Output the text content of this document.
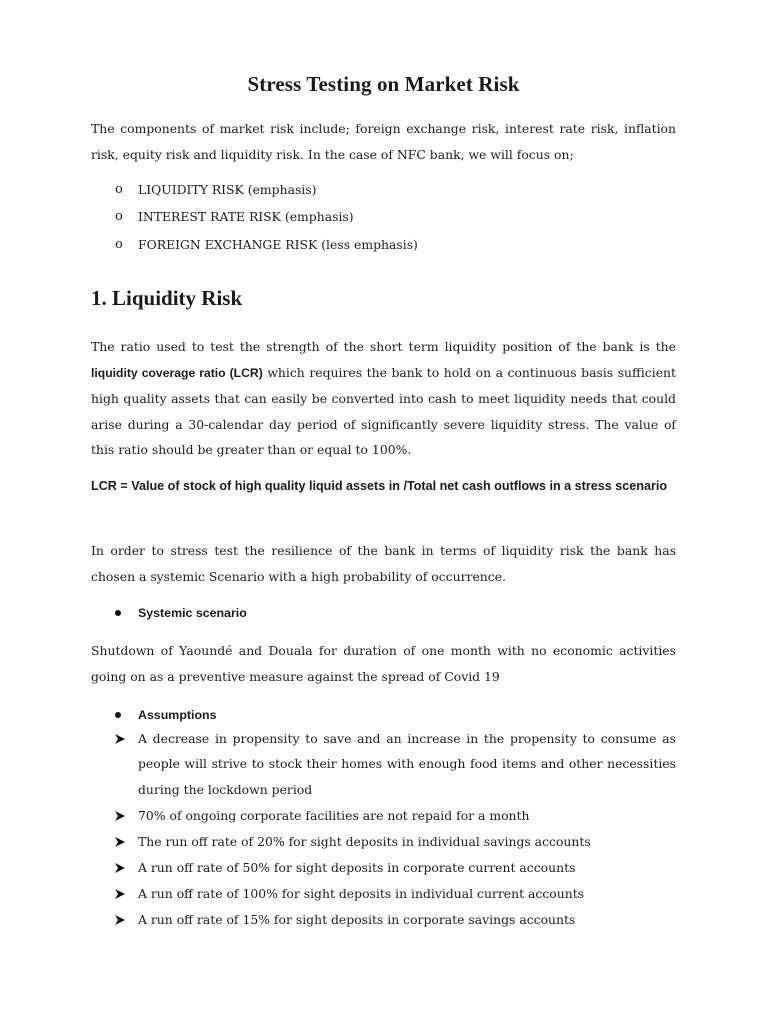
Stress Testing on Market Risk

The components of market risk include; foreign exchange risk, interest rate risk, inflation risk, equity risk and liquidity risk. In the case of NFC bank, we will focus on;

o LIQUIDITY RISK (emphasis)
o INTEREST RATE RISK (emphasis)
o FOREIGN EXCHANGE RISK (less emphasis)
1. Liquidity Risk

The ratio used to test the strength of the short term liquidity position of the bank is the liquidity coverage ratio (LCR) which requires the bank to hold on a continuous basis sufficient high quality assets that can easily be converted into cash to meet liquidity needs that could arise during a 30-calendar day period of significantly severe liquidity stress. The value of this ratio should be greater than or equal to 100%.

LCR = Value of stock of high quality liquid assets in /Total net cash outflows in a stress scenario

In order to stress test the resilience of the bank in terms of liquidity risk the bank has chosen a systemic Scenario with a high probability of occurrence.

Systemic scenario

Shutdown of Yaoundé and Douala for duration of one month with no economic activities going on as a preventive measure against the spread of Covid 19

Assumptions
A decrease in propensity to save and an increase in the propensity to consume as people will strive to stock their homes with enough food items and other necessities during the lockdown period
70% of ongoing corporate facilities are not repaid for a month
The run off rate of 20% for sight deposits in individual savings accounts
A run off rate of 50% for sight deposits in corporate current accounts
A run off rate of 100% for sight deposits in individual current accounts
A run off rate of 15% for sight deposits in corporate savings accounts
